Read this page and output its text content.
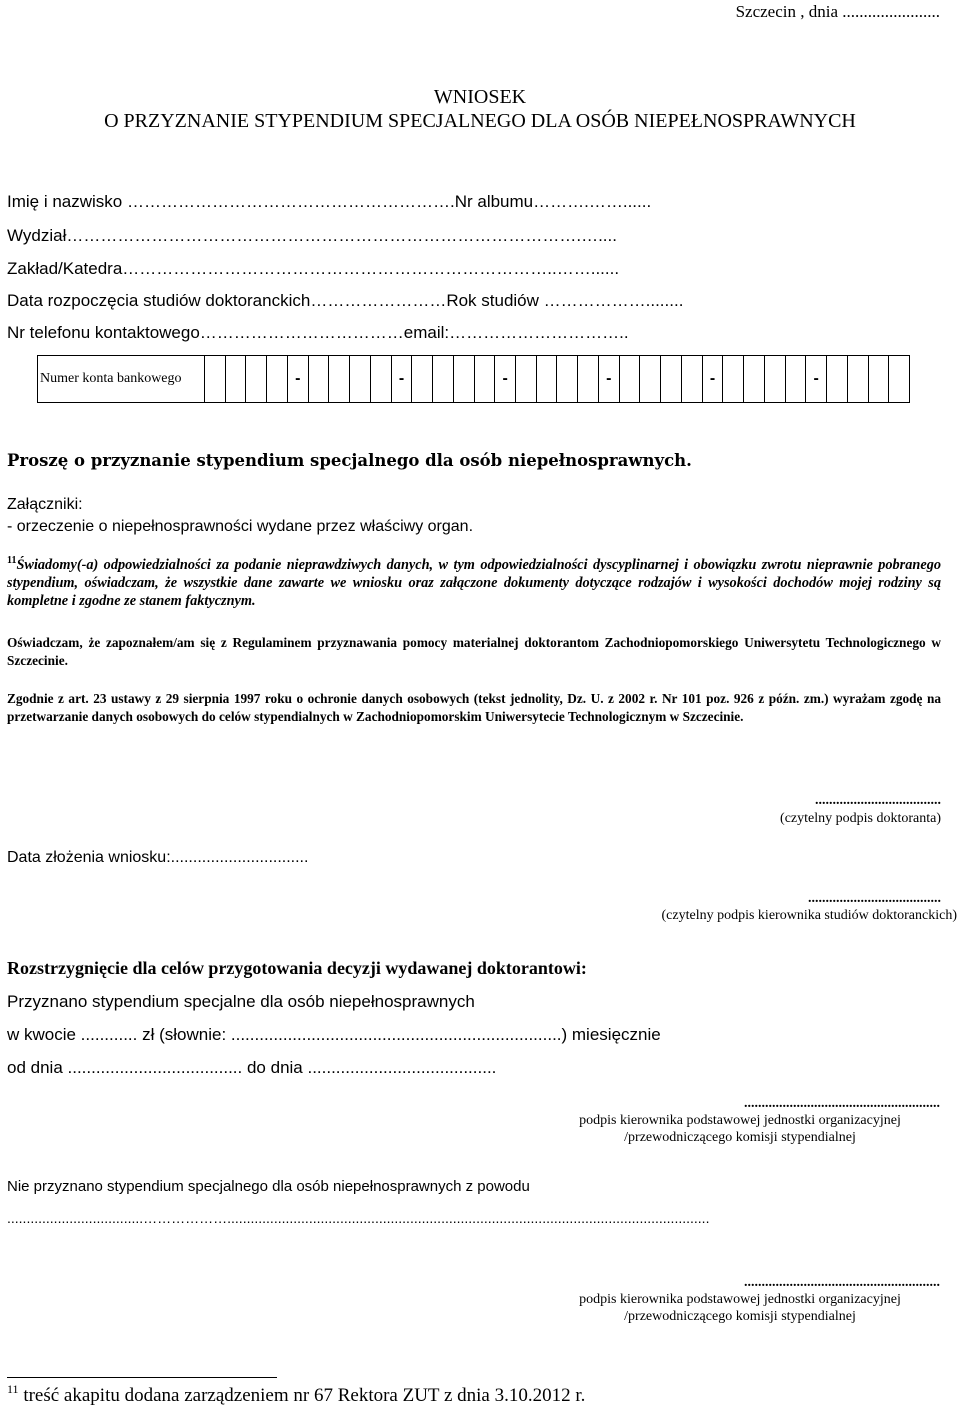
Szczecin , dnia .......................
WNIOSEK
O PRZYZNANIE STYPENDIUM SPECJALNEGO DLA OSÓB NIEPEŁNOSPRAWNYCH
Imię i nazwisko ………………………………………………….Nr albumu……….……......
Wydział……………………………………………………………………………….…....
Zakład/Katedra…………………………………………………………………..……......
Data rozpoczęcia studiów doktoranckich……………………Rok studiów ………………........
Nr telefonu kontaktowego………………………………email:…………………………..
Numer konta bankowego	-	-	-	-	-	-
Proszę o przyznanie stypendium specjalnego dla osób niepełnosprawnych.
Załączniki:
- orzeczenie o niepełnosprawności wydane przez właściwy organ.
$^{11}$Świadomy(-a) odpowiedzialności za podanie nieprawdziwych danych, w tym odpowiedzialności dyscyplinarnej i obowiązku zwrotu nieprawnie pobranego stypendium, oświadczam, że wszystkie dane zawarte we wniosku oraz załączone dokumenty dotyczące rodzajów i wysokości dochodów mojej rodziny są kompletne i zgodne ze stanem faktycznym.
Oświadczam, że zapoznałem/am się z Regulaminem przyznawania pomocy materialnej doktorantom Zachodniopomorskiego Uniwersytetu Technologicznego w Szczecinie.
Zgodnie z art. 23 ustawy z 29 sierpnia 1997 roku o ochronie danych osobowych (tekst jednolity, Dz. U. z 2002 r. Nr 101 poz. 926 z późn. zm.) wyrażam zgodę na przetwarzanie danych osobowych do celów stypendialnych w Zachodniopomorskim Uniwersytecie Technologicznym w Szczecinie.
....................................
(czytelny podpis doktoranta)
Data złożenia wniosku:...............................
......................................
(czytelny podpis kierownika studiów doktoranckich)
Rozstrzygnięcie dla celów przygotowania decyzji wydawanej doktorantowi:
Przyznano stypendium specjalne dla osób niepełnosprawnych
w kwocie ............ zł (słownie: ......................................................................) miesięcznie
od dnia ..................................... do dnia ........................................
........................................................
podpis kierownika podstawowej jednostki organizacyjnej
/przewodniczącego komisji stypendialnej
Nie przyznano stypendium specjalnego dla osób niepełnosprawnych z powodu
...................................………………............................................................................................................................
........................................................
podpis kierownika podstawowej jednostki organizacyjnej
/przewodniczącego komisji stypendialnej
$^{11}$ treść akapitu dodana zarządzeniem nr 67 Rektora ZUT z dnia 3.10.2012 r.
